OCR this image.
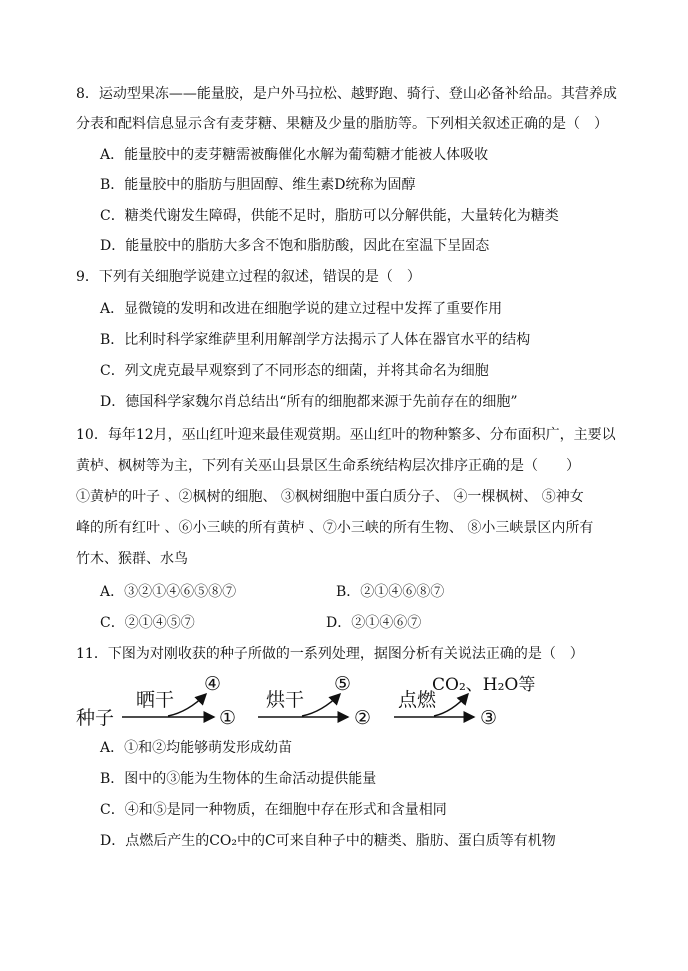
8．运动型果冻——能量胶，是户外马拉松、越野跑、骑行、登山必备补给品。其营养成
分表和配料信息显示含有麦芽糖、果糖及少量的脂肪等。下列相关叙述正确的是（　）
A．能量胶中的麦芽糖需被酶催化水解为葡萄糖才能被人体吸收
B．能量胶中的脂肪与胆固醇、维生素D统称为固醇
C．糖类代谢发生障碍，供能不足时，脂肪可以分解供能，大量转化为糖类
D．能量胶中的脂肪大多含不饱和脂肪酸，因此在室温下呈固态
9．下列有关细胞学说建立过程的叙述，错误的是（　）
A．显微镜的发明和改进在细胞学说的建立过程中发挥了重要作用
B．比利时科学家维萨里利用解剖学方法揭示了人体在器官水平的结构
C．列文虎克最早观察到了不同形态的细菌，并将其命名为细胞
D．德国科学家魏尔肖总结出“所有的细胞都来源于先前存在的细胞”
10．每年12月，巫山红叶迎来最佳观赏期。巫山红叶的物种繁多、分布面积广，主要以
黄栌、枫树等为主，下列有关巫山县景区生命系统结构层次排序正确的是（　　）
①黄栌的叶子 、②枫树的细胞、 ③枫树细胞中蛋白质分子、 ④一棵枫树、 ⑤神女
峰的所有红叶 、⑥小三峡的所有黄栌 、⑦小三峡的所有生物、 ⑧小三峡景区内所有
竹木、猴群、水鸟
A．③②①④⑥⑤⑧⑦	B．②①④⑥⑧⑦
C．②①④⑤⑦	D．②①④⑥⑦
11．下图为对刚收获的种子所做的一系列处理，据图分析有关说法正确的是（　）
种子
晒干
④
①
烘干
⑤
②
点燃
CO₂、H₂O等
③
A．①和②均能够萌发形成幼苗
B．图中的③能为生物体的生命活动提供能量
C．④和⑤是同一种物质，在细胞中存在形式和含量相同
D．点燃后产生的CO₂中的C可来自种子中的糖类、脂肪、蛋白质等有机物
